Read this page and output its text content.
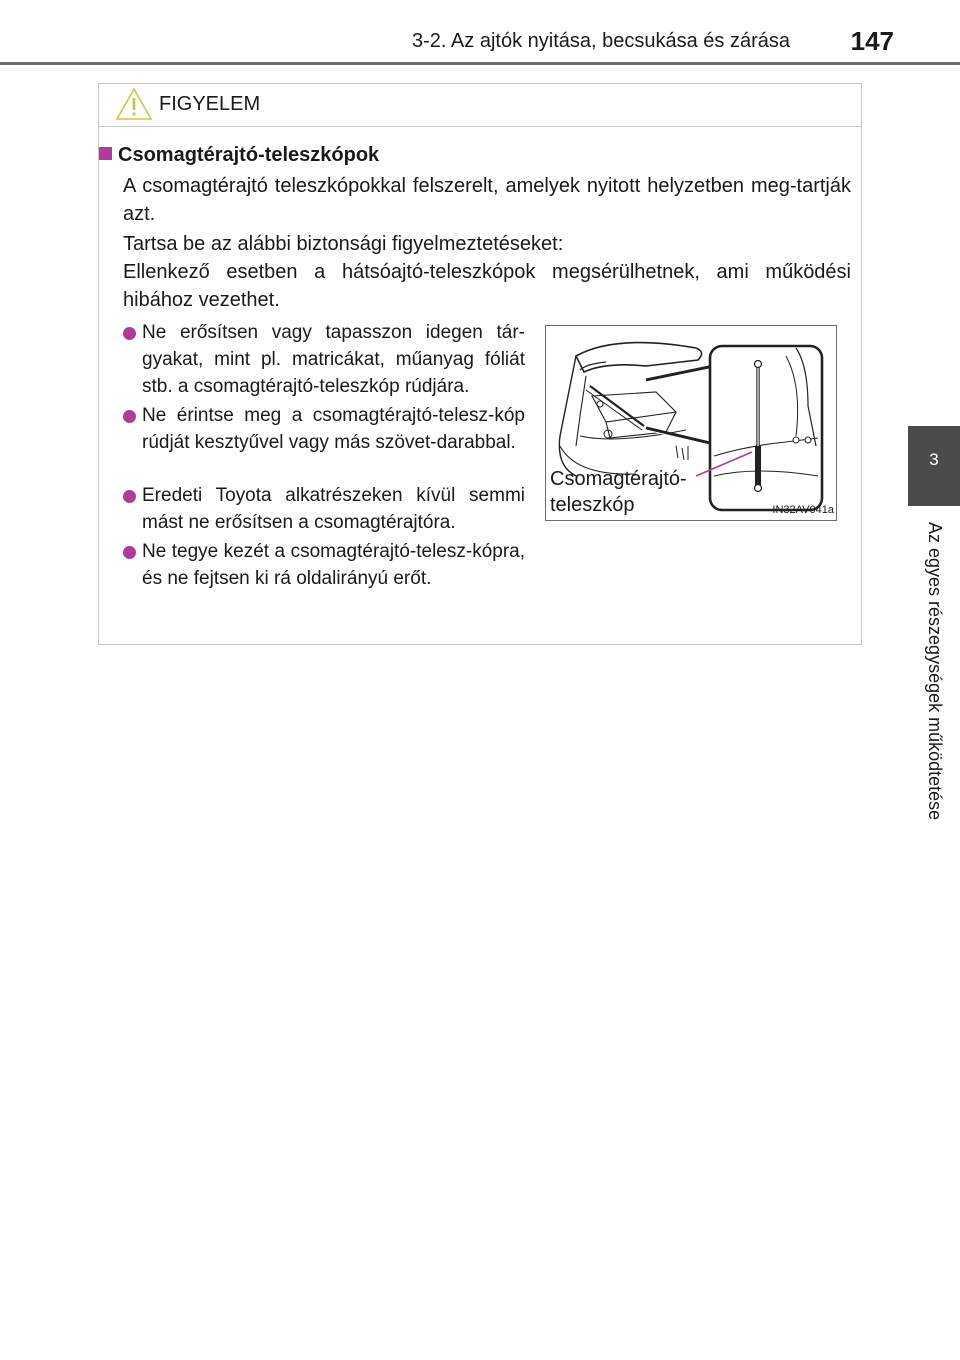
3-2. Az ajtók nyitása, becsukása és zárása	147
3
Az egyes részegységek működtetése
FIGYELEM
Csomagtérajtó-teleszkópok
A csomagtérajtó teleszkópokkal felszerelt, amelyek nyitott helyzetben meg-tartják azt.
Tartsa be az alábbi biztonsági figyelmeztetéseket:
Ellenkező esetben a hátsóajtó-teleszkópok megsérülhetnek, ami működési hibához vezethet.
Ne erősítsen vagy tapasszon idegen tár-gyakat, mint pl. matricákat, műanyag fóliát stb. a csomagtérajtó-teleszkóp rúdjára.
Ne érintse meg a csomagtérajtó-telesz-kóp rúdját kesztyűvel vagy más szövet-darabbal.
Eredeti Toyota alkatrészeken kívül semmi mást ne erősítsen a csomagtérajtóra.
Ne tegye kezét a csomagtérajtó-telesz-kópra, és ne fejtsen ki rá oldalirányú erőt.
Csomagtérajtó-
teleszkóp	IN32AV041a
